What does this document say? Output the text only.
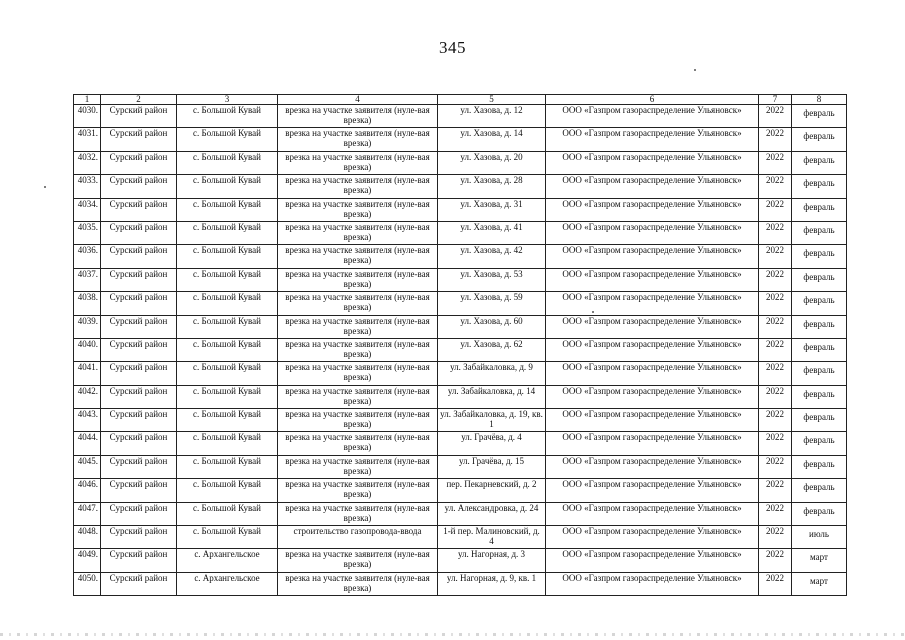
345
1	2	3	4	5	6	7	8
4030.	Сурский район	с. Большой Кувай	врезка на участке заявителя (нуле-вая врезка)	ул. Хазова, д. 12	ООО «Газпром газораспределение Ульяновск»	2022	февраль
4031.	Сурский район	с. Большой Кувай	врезка на участке заявителя (нуле-вая врезка)	ул. Хазова, д. 14	ООО «Газпром газораспределение Ульяновск»	2022	февраль
4032.	Сурский район	с. Большой Кувай	врезка на участке заявителя (нуле-вая врезка)	ул. Хазова, д. 20	ООО «Газпром газораспределение Ульяновск»	2022	февраль
4033.	Сурский район	с. Большой Кувай	врезка на участке заявителя (нуле-вая врезка)	ул. Хазова, д. 28	ООО «Газпром газораспределение Ульяновск»	2022	февраль
4034.	Сурский район	с. Большой Кувай	врезка на участке заявителя (нуле-вая врезка)	ул. Хазова, д. 31	ООО «Газпром газораспределение Ульяновск»	2022	февраль
4035.	Сурский район	с. Большой Кувай	врезка на участке заявителя (нуле-вая врезка)	ул. Хазова, д. 41	ООО «Газпром газораспределение Ульяновск»	2022	февраль
4036.	Сурский район	с. Большой Кувай	врезка на участке заявителя (нуле-вая врезка)	ул. Хазова, д. 42	ООО «Газпром газораспределение Ульяновск»	2022	февраль
4037.	Сурский район	с. Большой Кувай	врезка на участке заявителя (нуле-вая врезка)	ул. Хазова, д. 53	ООО «Газпром газораспределение Ульяновск»	2022	февраль
4038.	Сурский район	с. Большой Кувай	врезка на участке заявителя (нуле-вая врезка)	ул. Хазова, д. 59	ООО «Газпром газораспределение Ульяновск»	2022	февраль
4039.	Сурский район	с. Большой Кувай	врезка на участке заявителя (нуле-вая врезка)	ул. Хазова, д. 60	ООО «Газпром газораспределение Ульяновск»	2022	февраль
4040.	Сурский район	с. Большой Кувай	врезка на участке заявителя (нуле-вая врезка)	ул. Хазова, д. 62	ООО «Газпром газораспределение Ульяновск»	2022	февраль
4041.	Сурский район	с. Большой Кувай	врезка на участке заявителя (нуле-вая врезка)	ул. Забайкаловка, д. 9	ООО «Газпром газораспределение Ульяновск»	2022	февраль
4042.	Сурский район	с. Большой Кувай	врезка на участке заявителя (нуле-вая врезка)	ул. Забайкаловка, д. 14	ООО «Газпром газораспределение Ульяновск»	2022	февраль
4043.	Сурский район	с. Большой Кувай	врезка на участке заявителя (нуле-вая врезка)	ул. Забайкаловка, д. 19, кв. 1	ООО «Газпром газораспределение Ульяновск»	2022	февраль
4044.	Сурский район	с. Большой Кувай	врезка на участке заявителя (нуле-вая врезка)	ул. Грачёва, д. 4	ООО «Газпром газораспределение Ульяновск»	2022	февраль
4045.	Сурский район	с. Большой Кувай	врезка на участке заявителя (нуле-вая врезка)	ул. Грачёва, д. 15	ООО «Газпром газораспределение Ульяновск»	2022	февраль
4046.	Сурский район	с. Большой Кувай	врезка на участке заявителя (нуле-вая врезка)	пер. Пекарневский, д. 2	ООО «Газпром газораспределение Ульяновск»	2022	февраль
4047.	Сурский район	с. Большой Кувай	врезка на участке заявителя (нуле-вая врезка)	ул. Александровка, д. 24	ООО «Газпром газораспределение Ульяновск»	2022	февраль
4048.	Сурский район	с. Большой Кувай	строительство газопровода-ввода	1-й пер. Малиновский, д. 4	ООО «Газпром газораспределение Ульяновск»	2022	июль
4049.	Сурский район	с. Архангельское	врезка на участке заявителя (нуле-вая врезка)	ул. Нагорная, д. 3	ООО «Газпром газораспределение Ульяновск»	2022	март
4050.	Сурский район	с. Архангельское	врезка на участке заявителя (нуле-вая врезка)	ул. Нагорная, д. 9, кв. 1	ООО «Газпром газораспределение Ульяновск»	2022	март
